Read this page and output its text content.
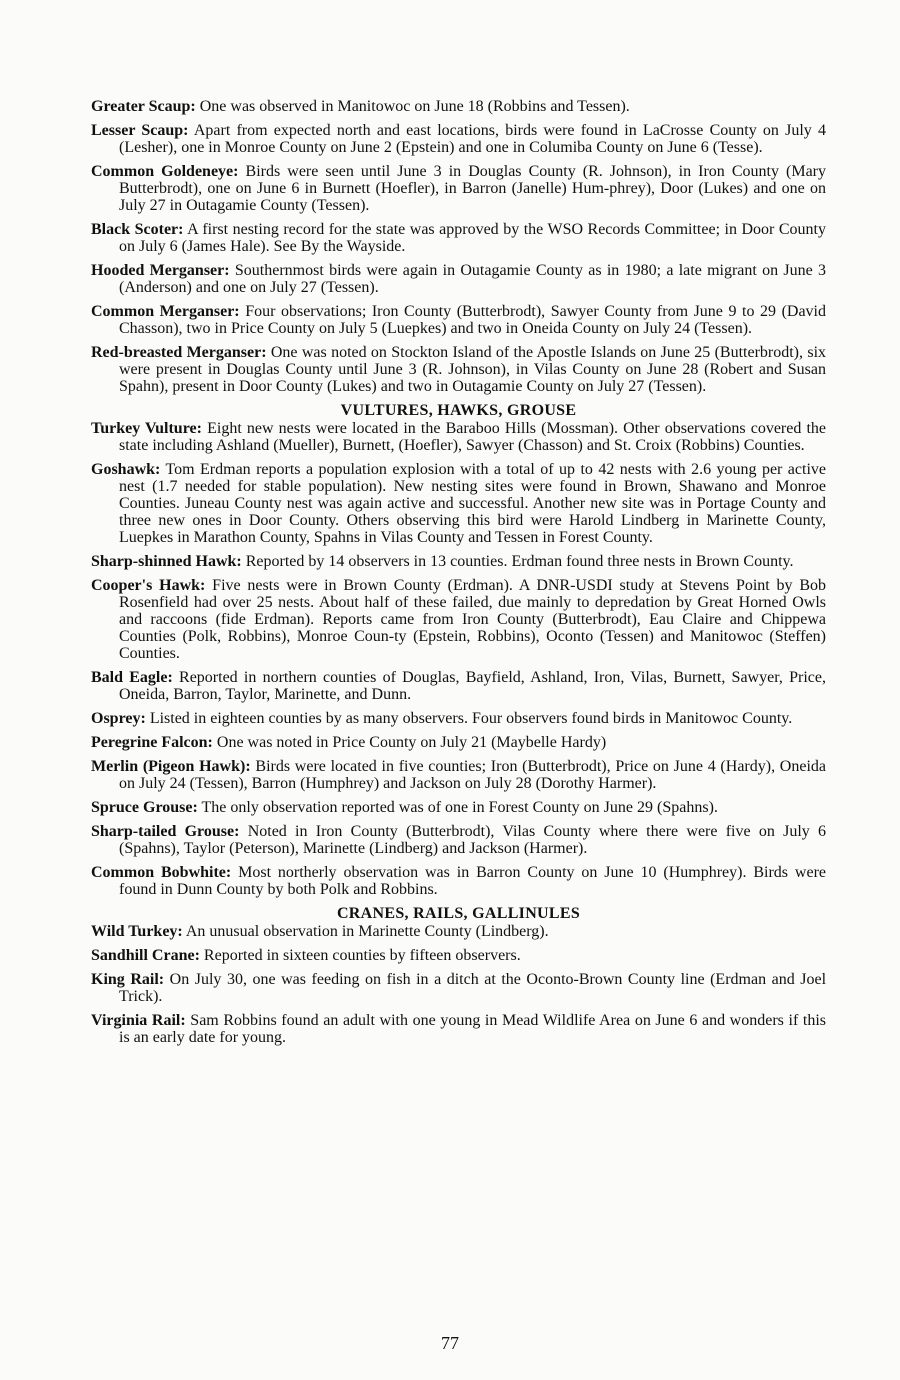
Greater Scaup: One was observed in Manitowoc on June 18 (Robbins and Tessen).
Lesser Scaup: Apart from expected north and east locations, birds were found in LaCrosse County on July 4 (Lesher), one in Monroe County on June 2 (Epstein) and one in Columiba County on June 6 (Tesse).
Common Goldeneye: Birds were seen until June 3 in Douglas County (R. Johnson), in Iron County (Mary Butterbrodt), one on June 6 in Burnett (Hoefler), in Barron (Janelle) Hum-phrey), Door (Lukes) and one on July 27 in Outagamie County (Tessen).
Black Scoter: A first nesting record for the state was approved by the WSO Records Committee; in Door County on July 6 (James Hale). See By the Wayside.
Hooded Merganser: Southernmost birds were again in Outagamie County as in 1980; a late migrant on June 3 (Anderson) and one on July 27 (Tessen).
Common Merganser: Four observations; Iron County (Butterbrodt), Sawyer County from June 9 to 29 (David Chasson), two in Price County on July 5 (Luepkes) and two in Oneida County on July 24 (Tessen).
Red-breasted Merganser: One was noted on Stockton Island of the Apostle Islands on June 25 (Butterbrodt), six were present in Douglas County until June 3 (R. Johnson), in Vilas County on June 28 (Robert and Susan Spahn), present in Door County (Lukes) and two in Outagamie County on July 27 (Tessen).
VULTURES, HAWKS, GROUSE
Turkey Vulture: Eight new nests were located in the Baraboo Hills (Mossman). Other observations covered the state including Ashland (Mueller), Burnett, (Hoefler), Sawyer (Chasson) and St. Croix (Robbins) Counties.
Goshawk: Tom Erdman reports a population explosion with a total of up to 42 nests with 2.6 young per active nest (1.7 needed for stable population). New nesting sites were found in Brown, Shawano and Monroe Counties. Juneau County nest was again active and successful. Another new site was in Portage County and three new ones in Door County. Others observing this bird were Harold Lindberg in Marinette County, Luepkes in Marathon County, Spahns in Vilas County and Tessen in Forest County.
Sharp-shinned Hawk: Reported by 14 observers in 13 counties. Erdman found three nests in Brown County.
Cooper's Hawk: Five nests were in Brown County (Erdman). A DNR-USDI study at Stevens Point by Bob Rosenfield had over 25 nests. About half of these failed, due mainly to depredation by Great Horned Owls and raccoons (fide Erdman). Reports came from Iron County (Butterbrodt), Eau Claire and Chippewa Counties (Polk, Robbins), Monroe Coun-ty (Epstein, Robbins), Oconto (Tessen) and Manitowoc (Steffen) Counties.
Bald Eagle: Reported in northern counties of Douglas, Bayfield, Ashland, Iron, Vilas, Burnett, Sawyer, Price, Oneida, Barron, Taylor, Marinette, and Dunn.
Osprey: Listed in eighteen counties by as many observers. Four observers found birds in Manitowoc County.
Peregrine Falcon: One was noted in Price County on July 21 (Maybelle Hardy)
Merlin (Pigeon Hawk): Birds were located in five counties; Iron (Butterbrodt), Price on June 4 (Hardy), Oneida on July 24 (Tessen), Barron (Humphrey) and Jackson on July 28 (Dorothy Harmer).
Spruce Grouse: The only observation reported was of one in Forest County on June 29 (Spahns).
Sharp-tailed Grouse: Noted in Iron County (Butterbrodt), Vilas County where there were five on July 6 (Spahns), Taylor (Peterson), Marinette (Lindberg) and Jackson (Harmer).
Common Bobwhite: Most northerly observation was in Barron County on June 10 (Humphrey). Birds were found in Dunn County by both Polk and Robbins.
CRANES, RAILS, GALLINULES
Wild Turkey: An unusual observation in Marinette County (Lindberg).
Sandhill Crane: Reported in sixteen counties by fifteen observers.
King Rail: On July 30, one was feeding on fish in a ditch at the Oconto-Brown County line (Erdman and Joel Trick).
Virginia Rail: Sam Robbins found an adult with one young in Mead Wildlife Area on June 6 and wonders if this is an early date for young.
77
